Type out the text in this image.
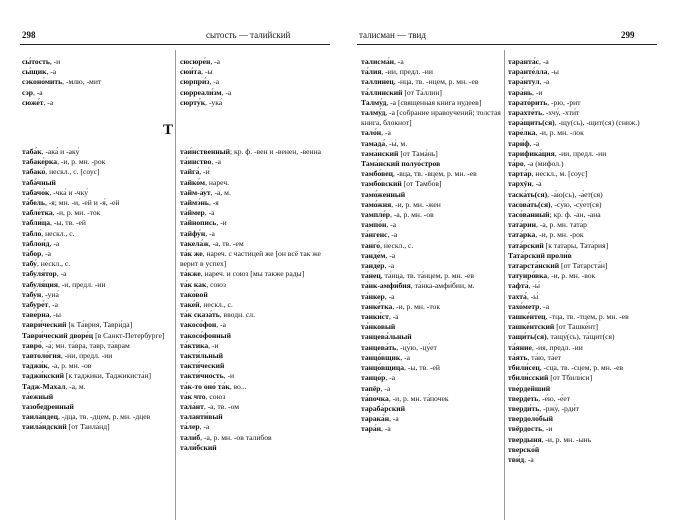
298	сытость — талийский
сы́тость, -и
сы́щик, -а
сэконо́мить, -млю, -мит
сэр, -а
сюже́т, -а
сюсюре́н, -а
сюи́та, -ы
сюрпри́з, -а
сюрреали́зм, -а
сюрту́к, -ука́
Т
таба́к, -ака́ и -аку́
табаке́рка, -и, р. мн. -рок
табако́, нескл., с. [соус]
таба́чный
табачо́к, -чка́ и -чку́
та́бель, -я; мн. -и, -ей и -я́, -ей
табле́тка, -и, р. мн. -ток
табли́ца, -ы, тв. -ей
табло́, нескл., с.
таблои́д, -а
та́бор, -а
табу́, нескл., с.
табуля́тор, -а
табуля́ция, -и, предл. -ии
табу́н, -уна́
табуре́т, -а
таве́рна, -ы
таври́ческий [к Та́врия, Таври́да]
Таври́ческий дворе́ц [в Санкт-Петербурге]
тавро́, -а́; мн. та́вра, тавр, та́врам
тавтоло́гия, -ии, предл. -ии
таджи́к, -а, р. мн. -ов
таджи́кский [к таджики, Таджикиста́н]
Тадж-Махал, -а, м.
та́ежный
тазобедренный
таила́ндец, -дца, тв. -дцем, р. мн. -дцев
таила́ндский [от Таила́нд]
таи́нственный; кр. ф. -вен и -венен, -венна
та́инство, -а
тайга́, -и́
тайко́м, нареч.
тайм-а́ут, -а, м.
таймэ́нь, -я
та́ймер, -а
та́йнопись, -и
тайфу́н, -а
такела́ж, -а, тв. -ем
та́к же, нареч. с частицей же [он всё так же верит в успех]
та́кже, нареч. и союз [мы также рады]
та́к как, союз
тако́вой
таке́й, нескл., с.
та́к сказа́ть, вводн. сл.
такосо́фон, -а
такосо́фонный
та́ктика, -и
такти́льный
такти́ческий
такти́чность, -и
та́к-то оно́ та́к, во...
та́к что, союз
тала́нт, -а, тв. -ом
таланти́вый
та́лер, -а
тали́б, -а, р. мн. -ов талибов
тали́бский
299
талисман — твид
талисма́н, -а
та́лия, -ии, предл. -ии
таллинец, -нца, тв. -нцем, р. мн. -ев
та́ллинский [от Та́ллин]
Талму́д, -а [священная книга иудеев]
талму́д, -а [собрание нравоучений; толстая книга, блокнот]
тало́н, -а
тамада́, -ы́, м.
тама́нский [от Тама́нь]
Тама́нский полуо́стров
тамбо́вец, -вца, тв. -вцем, р. мн. -ев
тамбо́вский [от Тамбо́в]
тамо́женный
тамо́жня, -и, р. мн. -жен
тампле́р, -а, р. мн. -ов
тампо́н, -а
та́нгенс, -а
танго́, нескл., с.
танде́м, -а
танде́р, -а
та́нец, та́нца, тв. та́нцем, р. мн. -ев
та́нк-амфи́бия, та́нка-амфи́бии, м.
та́нкер, -а
танке́тка, -и, р. мн. -ток
танки́ст, -а
та́нковый
танцева́льный
танцева́ть, -цу́ю, -цу́ет
танцо́вщик, -а
танцо́вщица, -ы, тв. -ей
танцо́р, -а
тапёр, -а
та́почка, -и, р. мн. та́почек
тараба́рский
тарака́н, -а
тара́н, -а
таранта́с, -а
таранте́лла, -ы
тара́нтул, -а
тара́нь, -и
тарато́рить, -рю, -рит
тарахте́ть, -хчу́, -хти́т
тара́щить(ся), -щу(сь), -щит(ся) (сниж.)
таре́лка, -и, р. мн. -лок
тари́ф, -а
тарифика́ция, -ии, предл. -ии
та́ро, -а (мифол.)
тарта́р, нескл., м. [соус]
тархýн, -а
таска́ть(ся), -а́ю(сь), -а́ет(ся)
тасова́ть(ся), -су́ю, -су́ет(ся)
тасо́ванный; кр. ф. -ан, -ана
тата́рин, -а, р. мн. тата́р
тата́рка, -и, р. мн. -рок
тата́рский [к татары, Тата́рия]
Тата́рский проли́в
татарста́нский [от Татарста́н]
татуиро́вка, -и, р. мн. -вок
тафта́, -ы́
тахта́, -ы́
тахо́метр, -а
ташке́нтец, -тца, тв. -тцем, р. мн. -ев
ташке́нтский [от Ташке́нт]
тащи́ть(ся), тащу́(сь), та́щит(ся)
та́яние, -ия, предл. -ии
та́ять, та́ю, та́ет
тбили́сец, -сца, тв. -сцем, р. мн. -ев
тбили́сский [от Тбили́си]
тве́рдейший
твердеть, -е́ю, -е́ет
тверди́ть, -ржу́, -рди́т
твердоло́бый
твёрдость, -и
твердыня, -и, р. мн. -ынь
тверско́й
тви́д, -а
